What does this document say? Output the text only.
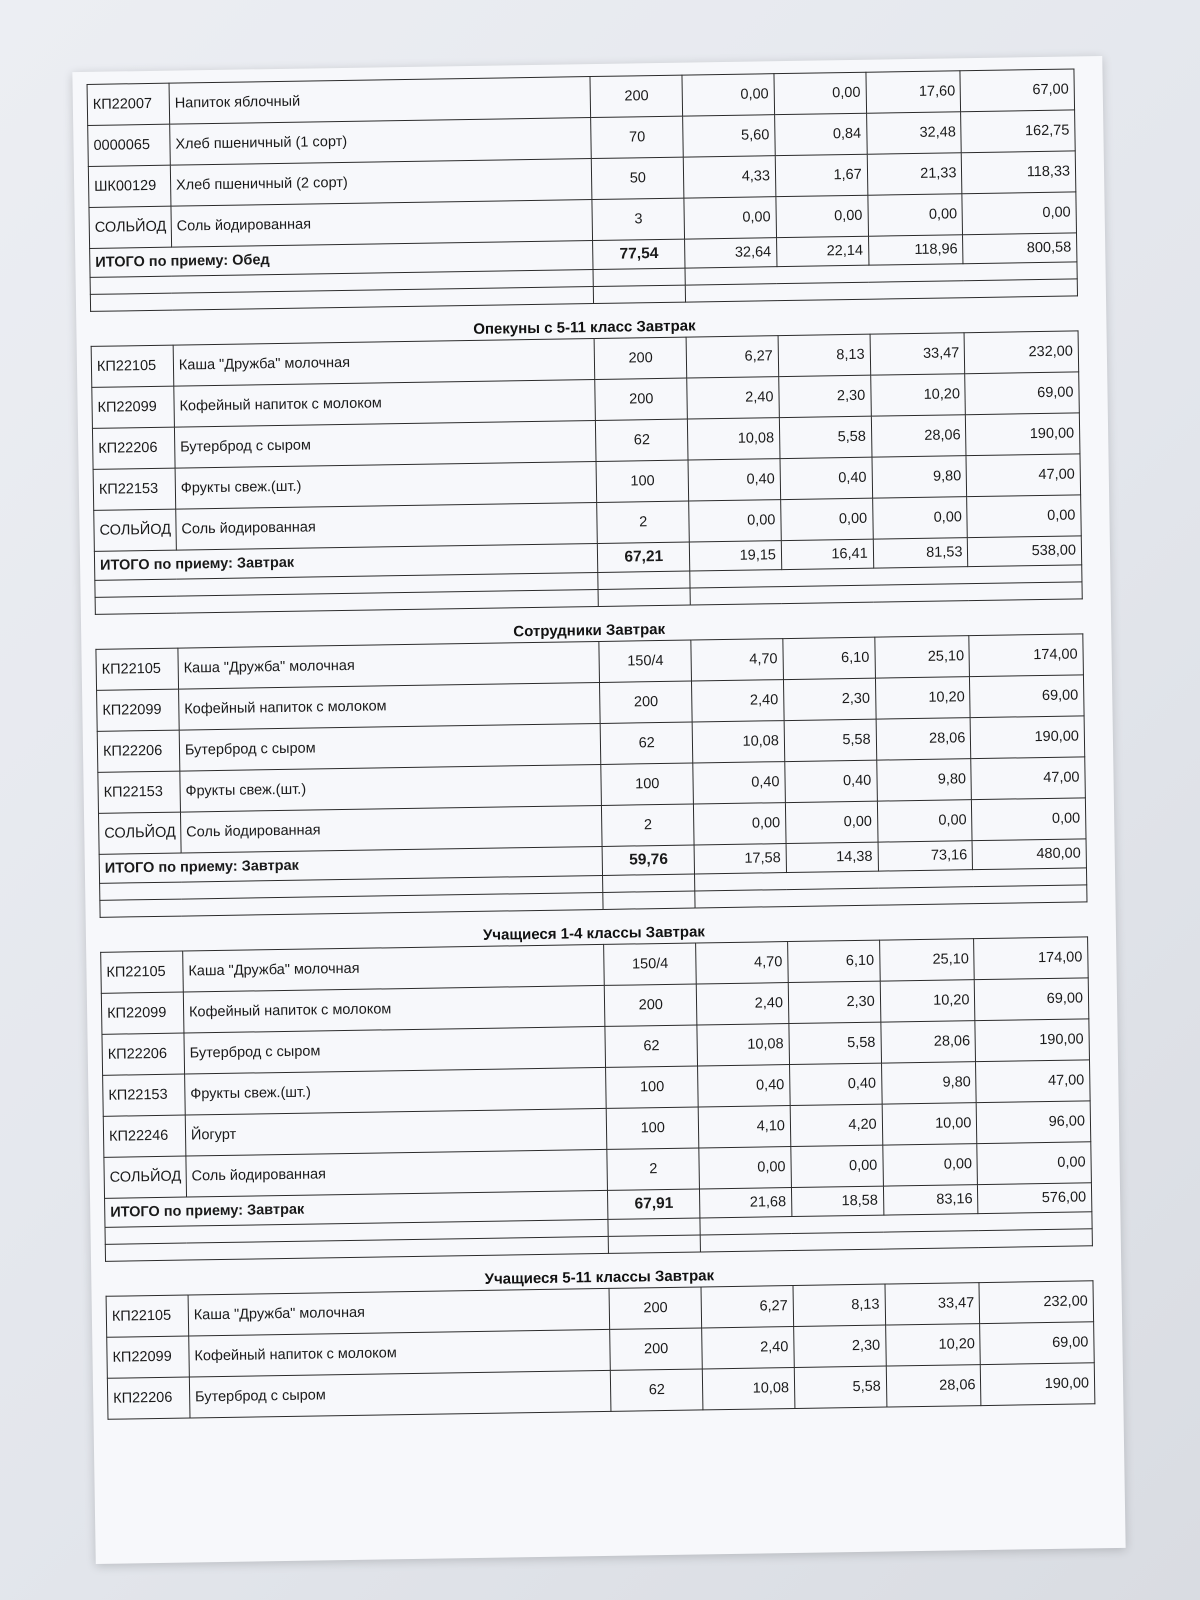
КП22007	Напиток яблочный	200	0,00	0,00	17,60	67,00
0000065	Хлеб пшеничный (1 сорт)	70	5,60	0,84	32,48	162,75
ШК00129	Хлеб пшеничный (2 сорт)	50	4,33	1,67	21,33	118,33
СОЛЬЙОД	Соль йодированная	3	0,00	0,00	0,00	0,00
ИТОГО по приему: Обед		77,54	32,64	22,14	118,96	800,58

Опекуны с 5-11 класс Завтрак
КП22105	Каша "Дружба" молочная	200	6,27	8,13	33,47	232,00
КП22099	Кофейный напиток с молоком	200	2,40	2,30	10,20	69,00
КП22206	Бутерброд с сыром	62	10,08	5,58	28,06	190,00
КП22153	Фрукты свеж.(шт.)	100	0,40	0,40	9,80	47,00
СОЛЬЙОД	Соль йодированная	2	0,00	0,00	0,00	0,00
ИТОГО по приему: Завтрак		67,21	19,15	16,41	81,53	538,00

Сотрудники Завтрак
КП22105	Каша "Дружба" молочная	150/4	4,70	6,10	25,10	174,00
КП22099	Кофейный напиток с молоком	200	2,40	2,30	10,20	69,00
КП22206	Бутерброд с сыром	62	10,08	5,58	28,06	190,00
КП22153	Фрукты свеж.(шт.)	100	0,40	0,40	9,80	47,00
СОЛЬЙОД	Соль йодированная	2	0,00	0,00	0,00	0,00
ИТОГО по приему: Завтрак		59,76	17,58	14,38	73,16	480,00

Учащиеся 1-4 классы Завтрак
КП22105	Каша "Дружба" молочная	150/4	4,70	6,10	25,10	174,00
КП22099	Кофейный напиток с молоком	200	2,40	2,30	10,20	69,00
КП22206	Бутерброд с сыром	62	10,08	5,58	28,06	190,00
КП22153	Фрукты свеж.(шт.)	100	0,40	0,40	9,80	47,00
КП22246	Йогурт	100	4,10	4,20	10,00	96,00
СОЛЬЙОД	Соль йодированная	2	0,00	0,00	0,00	0,00
ИТОГО по приему: Завтрак		67,91	21,68	18,58	83,16	576,00

Учащиеся 5-11 классы Завтрак
КП22105	Каша "Дружба" молочная	200	6,27	8,13	33,47	232,00
КП22099	Кофейный напиток с молоком	200	2,40	2,30	10,20	69,00
КП22206	Бутерброд с сыром	62	10,08	5,58	28,06	190,00
